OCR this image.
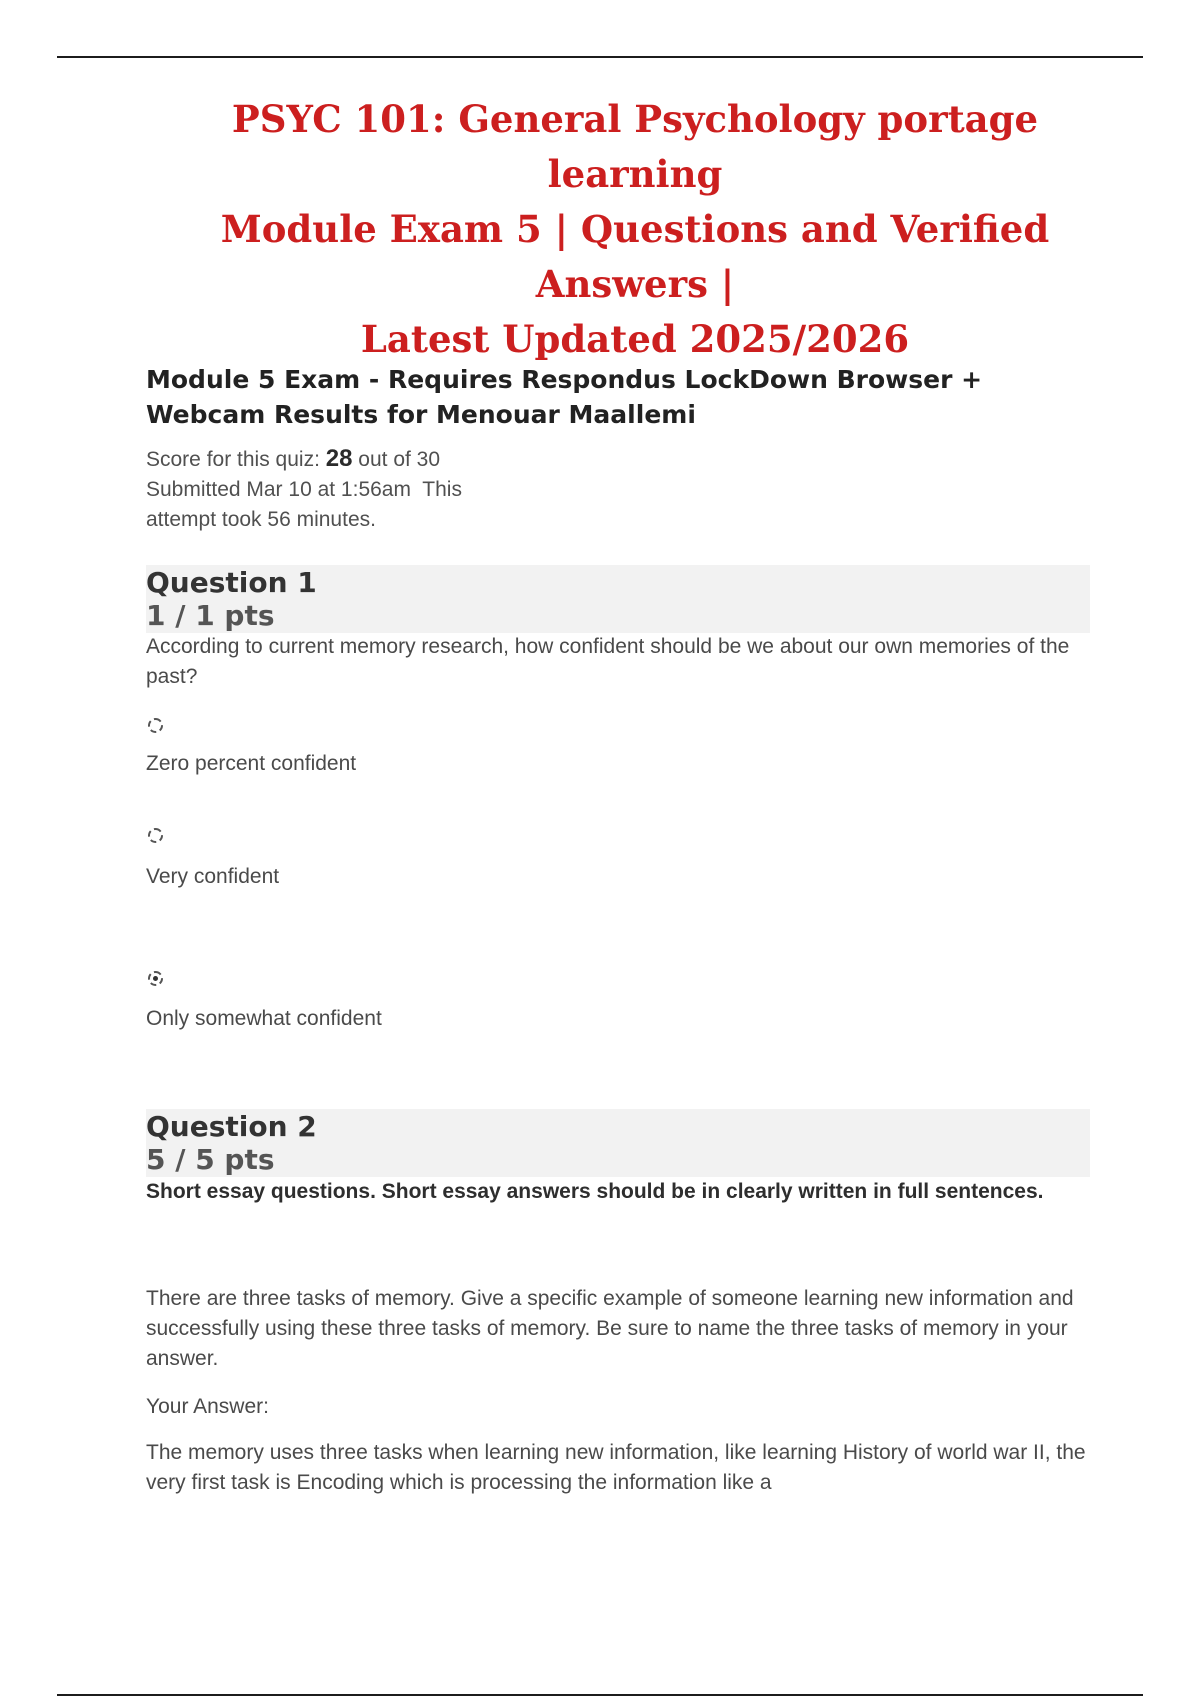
PSYC 101: General Psychology portage learning
Module Exam 5 | Questions and Verified Answers |
Latest Updated 2025/2026
Module 5 Exam - Requires Respondus LockDown Browser +
Webcam Results for Menouar Maallemi
Score for this quiz: 28 out of 30
Submitted Mar 10 at 1:56am This
attempt took 56 minutes.
Question 1
1 / 1 pts

According to current memory research, how confident should be we about our own memories of the past?

Zero percent confident
Very confident
Only somewhat confident
Question 2
5 / 5 pts

Short essay questions. Short essay answers should be in clearly written in full sentences.

There are three tasks of memory. Give a specific example of someone learning new information and successfully using these three tasks of memory. Be sure to name the three tasks of memory in your answer.

Your Answer:

The memory uses three tasks when learning new information, like learning History of world war II, the very first task is Encoding which is processing the information like a
